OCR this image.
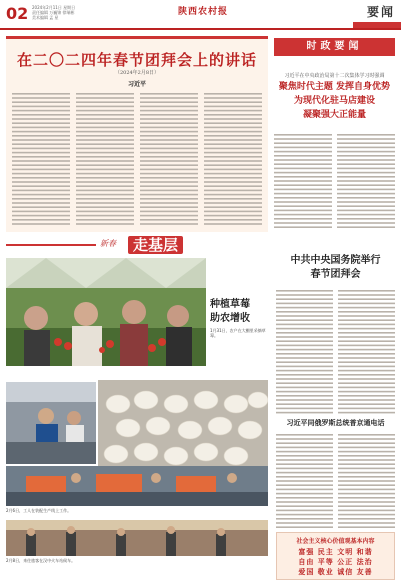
02 2024年2月11日 星期日
责任编辑 万巍锦 徐瑞彬
美术编辑 孟 星
陕西农村报	要闻
在二〇二四年春节团拜会上的讲话
（2024年2月8日）
习近平
时政要闻
习近平在中央政治局第十二次集体学习时强调
聚焦时代主题 发挥自身优势
为现代化驻马店建设
凝聚强大正能量
新春	走基层
种植草莓
助农增收
1月31日，农户在大棚里采摘草莓。
2月6日，工人在装配生产线上工作。
2月8日，来往旅客在汉中火车站候车。
中共中央国务院举行
春节团拜会
习近平同俄罗斯总统普京通电话
社会主义核心价值观基本内容
富强 民主 文明 和谐
自由 平等 公正 法治
爱国 敬业 诚信 友善
